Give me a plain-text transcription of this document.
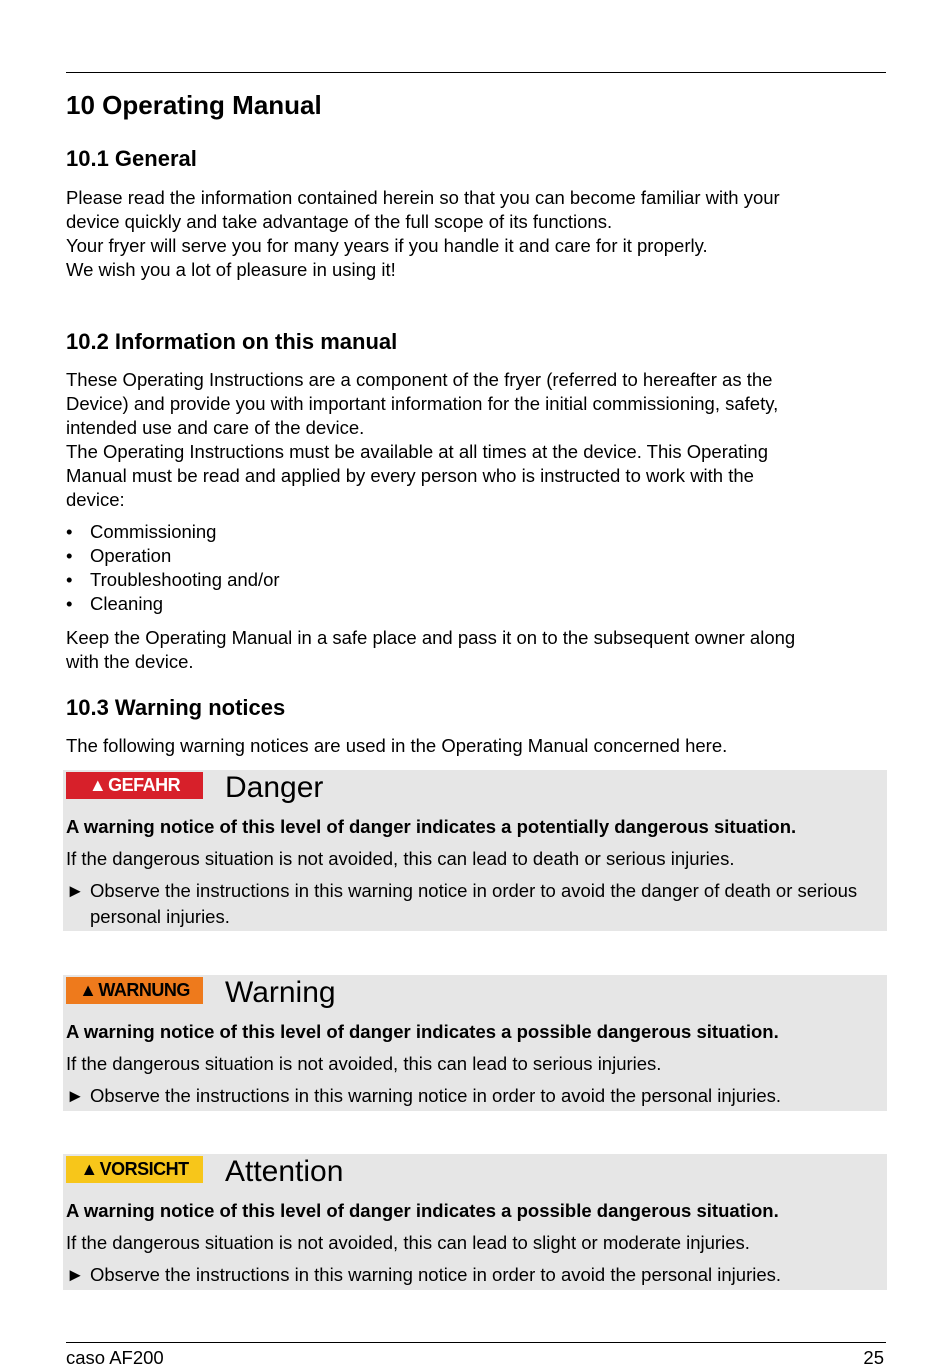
10 Operating Manual
10.1 General

Please read the information contained herein so that you can become familiar with your
device quickly and take advantage of the full scope of its functions.
Your fryer will serve you for many years if you handle it and care for it properly.
We wish you a lot of pleasure in using it!

10.2 Information on this manual

These Operating Instructions are a component of the fryer (referred to hereafter as the
Device) and provide you with important information for the initial commissioning, safety,
intended use and care of the device.
The Operating Instructions must be available at all times at the device. This Operating
Manual must be read and applied by every person who is instructed to work with the
device:

• Commissioning
• Operation
• Troubleshooting and/or
• Cleaning

Keep the Operating Manual in a safe place and pass it on to the subsequent owner along
with the device.

10.3 Warning notices

The following warning notices are used in the Operating Manual concerned here.

▲ GEFAHR Danger
A warning notice of this level of danger indicates a potentially dangerous situation.
If the dangerous situation is not avoided, this can lead to death or serious injuries.
► Observe the instructions in this warning notice in order to avoid the danger of death or serious personal injuries.
▲ WARNUNG Warning
A warning notice of this level of danger indicates a possible dangerous situation.
If the dangerous situation is not avoided, this can lead to serious injuries.
► Observe the instructions in this warning notice in order to avoid the personal injuries.
▲ VORSICHT Attention
A warning notice of this level of danger indicates a possible dangerous situation.
If the dangerous situation is not avoided, this can lead to slight or moderate injuries.
► Observe the instructions in this warning notice in order to avoid the personal injuries.
caso AF200	25
